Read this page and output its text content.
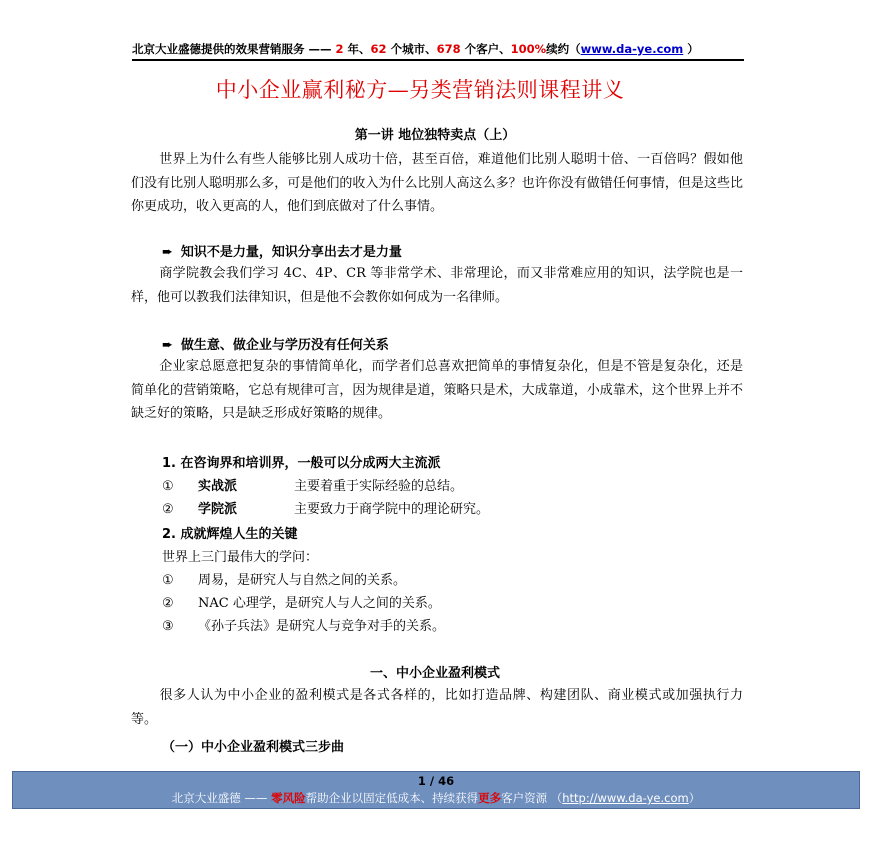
北京大业盛德提供的效果营销服务 —— 2 年、62 个城市、678 个客户、100%续约（www.da-ye.com ）
中小企业赢利秘方—另类营销法则课程讲义
第一讲 地位独特卖点（上）
世界上为什么有些人能够比别人成功十倍，甚至百倍，难道他们比别人聪明十倍、一百倍吗？假如他们没有比别人聪明那么多，可是他们的收入为什么比别人高这么多？也许你没有做错任何事情，但是这些比你更成功，收入更高的人，他们到底做对了什么事情。
➨ 知识不是力量，知识分享出去才是力量
商学院教会我们学习 4C、4P、CR 等非常学术、非常理论，而又非常难应用的知识，法学院也是一样，他可以教我们法律知识，但是他不会教你如何成为一名律师。
➨ 做生意、做企业与学历没有任何关系
企业家总愿意把复杂的事情简单化，而学者们总喜欢把简单的事情复杂化，但是不管是复杂化，还是简单化的营销策略，它总有规律可言，因为规律是道，策略只是术，大成靠道，小成靠术，这个世界上并不缺乏好的策略，只是缺乏形成好策略的规律。
1. 在咨询界和培训界，一般可以分成两大主流派
① 实战派	主要着重于实际经验的总结。
② 学院派	主要致力于商学院中的理论研究。
2. 成就辉煌人生的关键
世界上三门最伟大的学问：
① 周易，是研究人与自然之间的关系。
② NAC 心理学，是研究人与人之间的关系。
③ 《孙子兵法》是研究人与竞争对手的关系。
一、中小企业盈利模式
很多人认为中小企业的盈利模式是各式各样的，比如打造品牌、构建团队、商业模式或加强执行力等。
（一）中小企业盈利模式三步曲
1 / 46
北京大业盛德 —— 零风险帮助企业以固定低成本、持续获得更多客户资源 （http://www.da-ye.com）
